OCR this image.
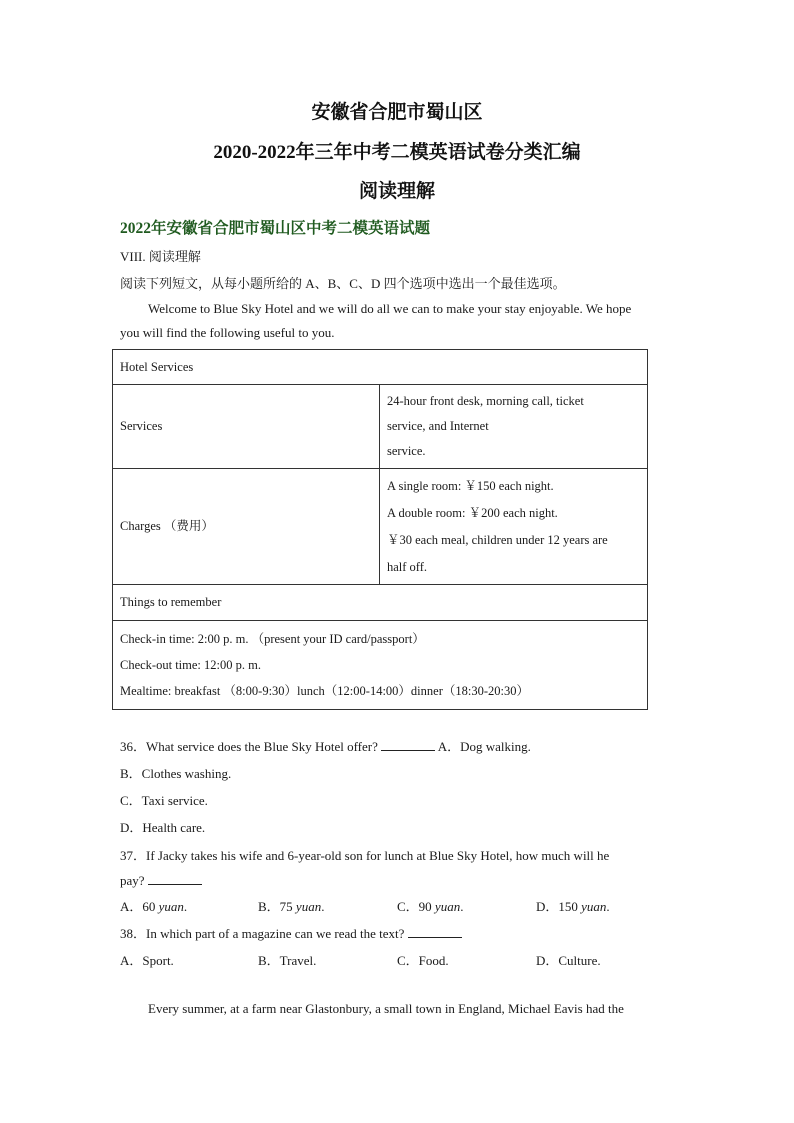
安徽省合肥市蜀山区
2020-2022年三年中考二模英语试卷分类汇编
阅读理解
2022年安徽省合肥市蜀山区中考二模英语试题
VIII. 阅读理解
阅读下列短文，从每小题所给的 A、B、C、D 四个选项中选出一个最佳选项。
Welcome to Blue Sky Hotel and we will do all we can to make your stay enjoyable. We hope
you will find the following useful to you.
Hotel Services	
Services	24-hour front desk, morning call, ticket
service, and Internet
service.

Charges （费用）	A single room: ￥150 each night.
A double room: ￥200 each night.
￥30 each meal, children under 12 years are
half off.

Things to remember	

Check-in time: 2:00 p. m. （present your ID card/passport）
Check-out time: 12:00 p. m.
Mealtime: breakfast （8:00-9:30）lunch（12:00-14:00）dinner（18:30-20:30）	
36．What service does the Blue Sky Hotel offer?	A．Dog walking.
B．Clothes washing.
C．Taxi service.
D．Health care.
37．If Jacky takes his wife and 6-year-old son for lunch at Blue Sky Hotel, how much will he
pay?
A．60 yuan.	B．75 yuan.	C．90 yuan.	D．150 yuan.
38．In which part of a magazine can we read the text?
A．Sport.	B．Travel.	C．Food.	D．Culture.
Every summer, at a farm near Glastonbury, a small town in England, Michael Eavis had the
